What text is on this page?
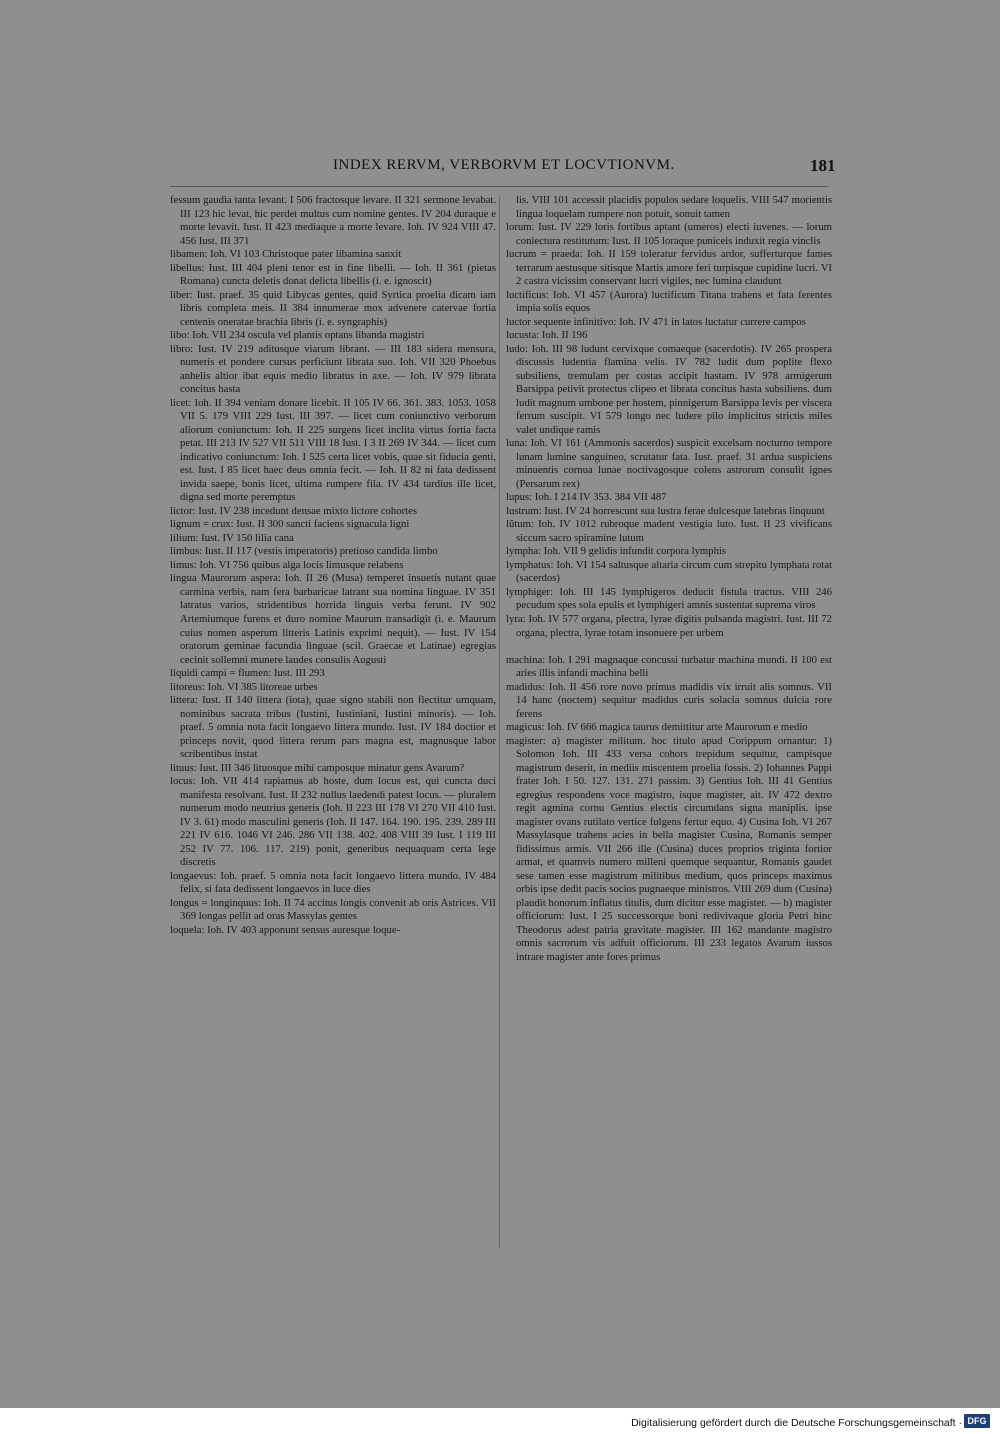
INDEX RERVM, VERBORVM ET LOCVTIONVM.	181

fessum gaudia tanta levant. I 506 fractosque levare. II 321 sermone levabat. III 123 hic levat, hic perdet multus cum nomine gentes. IV 204 duraque e morte levavit. Iust. II 423 mediaque a morte levare. Ioh. IV 924 VIII 47. 456 Iust. III 371

libamen: Ioh. VI 103 Christoque pater libamina sanxit

libellus: Iust. III 404 pleni tenor est in fine libelli. — Ioh. II 361 (pietas Romana) cuncta deletis donat delicta libellis (i. e. ignoscit)

liber: Iust. praef. 35 quid Libycas gentes, quid Syrtica proelia dicam iam libris completa meis. II 384 innumerae mox advenere catervae fortia centenis oneratae brachia libris (i. e. syngraphis)

libo: Ioh. VII 234 oscula vel plantis optans libanda magistri

libro: Iust. IV 219 aditusque viarum librant. — III 183 sidera mensura, numeris et pondere cursus perficiunt librata suo. Ioh. VII 320 Phoebus anhelis altior ibat equis medio libratus in axe. — Ioh. IV 979 librata concitus hasta

licet: Ioh. II 394 veniam donare licebit. II 105 IV 66. 361. 383. 1053. 1058 VII 5. 179 VIII 229 Iust. III 397. — licet cum coniunctivo verborum aliorum coniunctum: Ioh. II 225 surgens licet inclita virtus fortia facta petat. III 213 IV 527 VII 511 VIII 18 Iust. I 3 II 269 IV 344. — licet cum indicativo coniunctum: Ioh. I 525 certa licet vobis, quae sit fiducia genti, est. Iust. I 85 licet haec deus omnia fecit. — Ioh. II 82 ni fata dedissent invida saepe, bonis licet, ultima rumpere fila. IV 434 tardius ille licet, digna sed morte peremptus

lictor: Iust. IV 238 incedunt densae mixto lictore cohortes

lignum = crux: Iust. II 300 sancti faciens signacula ligni

lilium: Iust. IV 150 lilia cana

limbus: Iust. II 117 (vestis imperatoris) pretioso candida limbo

limus: Ioh. VI 756 quibus alga locis limusque relabens

lingua Maurorum aspera: Ioh. II 26 (Musa) temperet insuetis nutant quae carmina verbis, nam fera barbaricae latrant sua nomina linguae. IV 351 latratus varios, stridentibus horrida linguis verba ferunt. IV 902 Artemiumque furens et duro nomine Maurum transadigit (i. e. Maurum cuius nomen asperum litteris Latinis exprimi nequit). — Iust. IV 154 oratorum geminae facundia linguae (scil. Graecae et Latinae) egregias cecinit sollemni munere laudes consulis Augusti

liquidi campi = flumen: Iust. III 293

litoreus: Ioh. VI 385 litoreae urbes

littera: Iust. II 140 littera (iota), quae signo stabili non flectitur umquam, nominibus sacrata tribus (Iustini, Iustiniani, Iustini minoris). — Ioh. praef. 5 omnia nota facit longaevo littera mundo. Iust. IV 184 doctior et princeps novit, quod littera rerum pars magna est, magnusque labor scribentibus instat

lituus: Iust. III 346 lituosque mihi camposque minatur gens Avarum?

locus: Ioh. VII 414 rapiamus ab hoste, dum locus est, qui cuncta duci manifesta resolvant. Iust. II 232 nullus laedendi patest locus. — pluralem numerum modo neutrius generis (Ioh. II 223 III 178 VI 270 VII 410 Iust. IV 3. 61) modo masculini generis (Ioh. II 147. 164. 190. 195. 239. 289 III 221 IV 616. 1046 VI 246. 286 VII 138. 402. 408 VIII 39 Iust. I 119 III 252 IV 77. 106. 117. 219) ponit, generibus nequaquam certa lege discretis

longaevus: Ioh. praef. 5 omnia nota facit longaevo littera mundo. IV 484 felix, si fata dedissent longaevos in luce dies

longus = longinquus: Ioh. II 74 accitus longis convenit ab oris Astrices. VII 369 longas pellit ad oras Massylas gentes

loquela: Ioh. IV 403 apponunt sensus auresque loque-

lis. VIII 101 accessit placidis populos sedare loquelis. VIII 547 morientis lingua loquelam rumpere non potuit, sonuit tamen

lorum: Iust. IV 229 loris fortibus aptant (umeros) electi iuvenes. — lorum coniectura restitutum: Iust. II 105 loraque puniceis induxit regia vinclis

lucrum = praeda: Ioh. II 159 toleratur fervidus ardor, sufferturque fames terrarum aestusque sitisque Martis amore feri turpisque cupidine lucri. VI 2 castra vicissim conservant lucri vigiles, nec lumina claudunt

luctificus: Ioh. VI 457 (Aurora) luctificum Titana trahens et fata ferentes impia solis equos

luctor sequente infinitivo: Ioh. IV 471 in latos luctatur currere campos

lucusta: Ioh. II 196

ludo: Ioh. III 98 ludunt cervixque comaeque (sacerdotis). IV 265 prospera discussis ludentia flamina velis. IV 782 ludit dum poplite flexo subsiliens, tremulam per costas accipit hastam. IV 978 armigerum Barsippa petivit protectus clipeo et librata concitus hasta subsiliens. dum ludit magnum umbone per hostem, pinnigerum Barsippa levis per viscera ferrum suscipit. VI 579 longo nec ludere pilo implicitus strictis miles valet undique ramis

luna: Ioh. VI 161 (Ammonis sacerdos) suspicit excelsam nocturno tempore lunam lumine sanguineo, scrutatur fata. Iust. praef. 31 ardua suspiciens minuentis cornua lunae noctivagosque colens astrorum consulit ignes (Persarum rex)

lupus: Ioh. I 214 IV 353. 384 VII 487

lustrum: Iust. IV 24 horrescunt sua lustra ferae dulcesque latebras linquunt

lŭtum: Ioh. IV 1012 rubroque madent vestigia luto. Iust. II 23 vivificans siccum sacro spiramine lutum

lympha: Ioh. VII 9 gelidis infundit corpora lymphis

lymphatus: Ioh. VI 154 saltusque altaria circum cum strepitu lymphata rotat (sacerdos)

lymphiger: Ioh. III 145 lymphigeros deducit fistula tractus. VIII 246 pecudum spes sola epulis et lymphigeri amnis sustentat suprema viros

lyra: Ioh. IV 577 organa, plectra, lyrae digitis pulsanda magistri. Iust. III 72 organa, plectra, lyrae totam insonuere per urbem

machina: Ioh. I 291 magnaque concussi turbatur machina mundi. II 100 est aries illis infandi machina belli

madidus: Ioh. II 456 rore novo primus madidis vix irruit alis somnus. VII 14 hanc (noctem) sequitur madidus curis solacia somnus dulcia rore ferens

magicus: Ioh. IV 666 magica taurus demittitur arte Maurorum e medio

magister: a) magister militum. hoc titulo apud Corippum ornantur: 1) Solomon Ioh. III 433 versa cohors trepidum sequitur, campisque magistrum deserit, in mediis miscentem proelia fossis. 2) Iohannes Pappi frater Ioh. I 50. 127. 131. 271 passim. 3) Gentius Ioh. III 41 Gentius egregius respondens voce magistro, isque magister, ait. IV 472 dextro regit agmina cornu Gentius electis circumdans signa maniplis. ipse magister ovans rutilato vertice fulgens fertur equo. 4) Cusina Ioh. VI 267 Massylasque trahens acies in bella magister Cusina, Romanis semper fidissimus armis. VII 266 ille (Cusina) duces proprios triginta fortior armat, et quamvis numero milleni quemque sequantur, Romanis gaudet sese tamen esse magistrum militibus medium, quos princeps maximus orbis ipse dedit pacis socios pugnaeque ministros. VIII 269 dum (Cusina) plaudit honorum inflatus titulis, dum dicitur esse magister. — b) magister officiorum: Iust. I 25 successorque boni redivivaque gloria Petri hinc Theodorus adest patria gravitate magister. III 162 mandante magistro omnis sacrorum vis adfuit officiorum. III 233 legatos Avarum iussos intrare magister ante fores primus

Digitalisierung gefördert durch die Deutsche Forschungsgemeinschaft · DFG
